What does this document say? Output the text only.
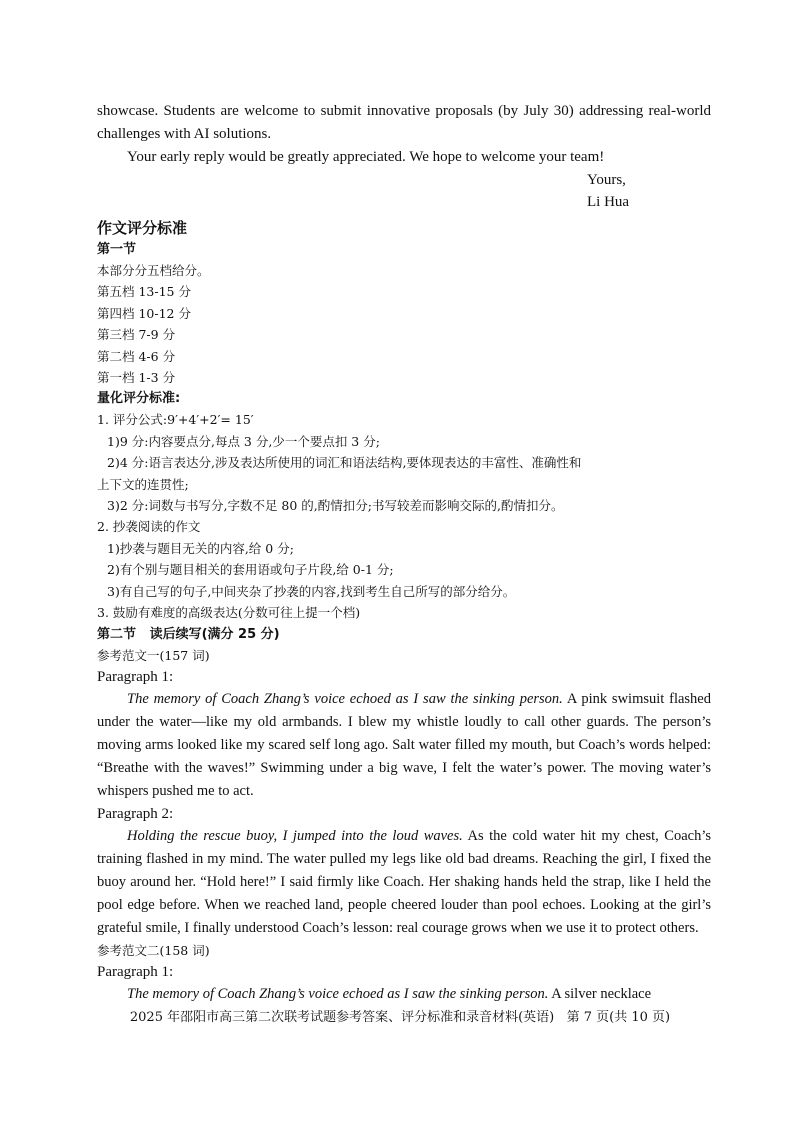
showcase. Students are welcome to submit innovative proposals (by July 30) addressing real-world challenges with AI solutions.

Your early reply would be greatly appreciated. We hope to welcome your team!

Yours,
Li Hua

作文评分标准

第一节

本部分分五档给分。

第五档 13-15 分

第四档 10-12 分

第三档 7-9 分

第二档 4-6 分

第一档 1-3 分

量化评分标准:

1. 评分公式:9′+4′+2′= 15′

1)9 分:内容要点分,每点 3 分,少一个要点扣 3 分;

2)4 分:语言表达分,涉及表达所使用的词汇和语法结构,要体现表达的丰富性、准确性和

上下文的连贯性;

3)2 分:词数与书写分,字数不足 80 的,酌情扣分;书写较差而影响交际的,酌情扣分。

2. 抄袭阅读的作文

1)抄袭与题目无关的内容,给 0 分;

2)有个别与题目相关的套用语或句子片段,给 0-1 分;

3)有自己写的句子,中间夹杂了抄袭的内容,找到考生自己所写的部分给分。

3. 鼓励有难度的高级表达(分数可往上提一个档)

第二节   读后续写(满分 25 分)

参考范文一(157 词)

Paragraph 1:

The memory of Coach Zhang’s voice echoed as I saw the sinking person. A pink swimsuit flashed under the water—like my old armbands. I blew my whistle loudly to call other guards. The person’s moving arms looked like my scared self long ago. Salt water filled my mouth, but Coach’s words helped: “Breathe with the waves!” Swimming under a big wave, I felt the water’s power. The moving water’s whispers pushed me to act.

Paragraph 2:

Holding the rescue buoy, I jumped into the loud waves. As the cold water hit my chest, Coach’s training flashed in my mind. The water pulled my legs like old bad dreams. Reaching the girl, I fixed the buoy around her. “Hold here!” I said firmly like Coach. Her shaking hands held the strap, like I held the pool edge before. When we reached land, people cheered louder than pool echoes. Looking at the girl’s grateful smile, I finally understood Coach’s lesson: real courage grows when we use it to protect others.

参考范文二(158 词)

Paragraph 1:

The memory of Coach Zhang’s voice echoed as I saw the sinking person. A silver necklace

2025 年邵阳市高三第二次联考试题参考答案、评分标准和录音材料(英语)   第 7 页(共 10 页)
